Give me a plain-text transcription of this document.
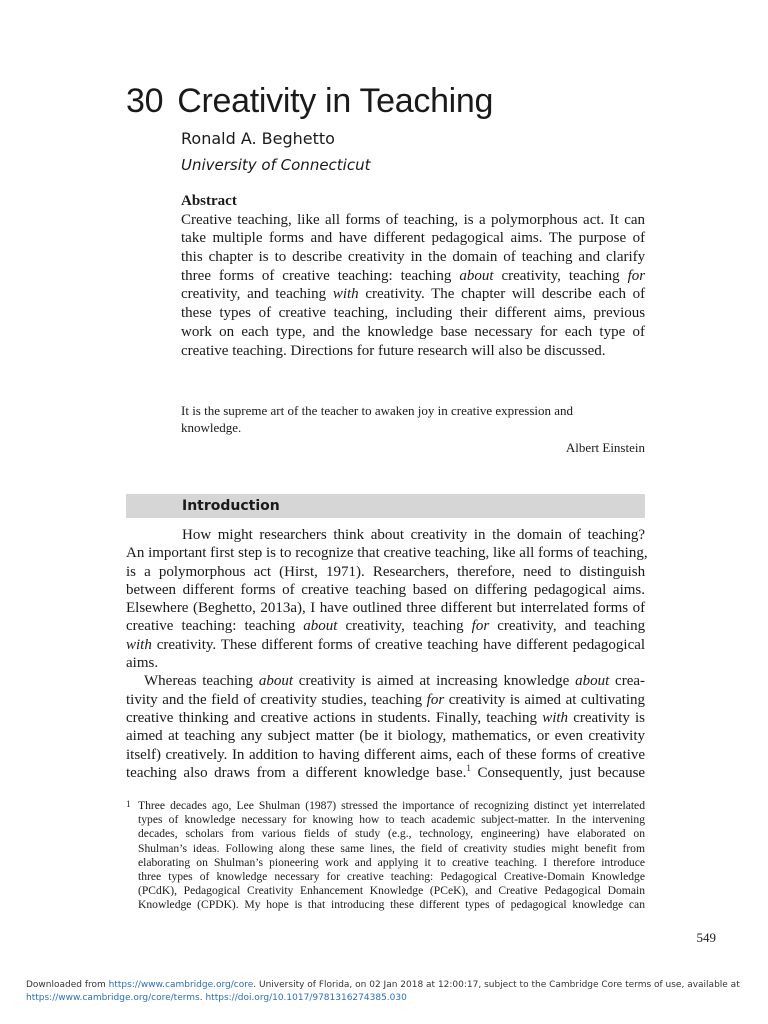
30 Creativity in Teaching
Ronald A. Beghetto
University of Connecticut

Abstract

Creative teaching, like all forms of teaching, is a polymorphous act. It can
take multiple forms and have different pedagogical aims. The purpose of
this chapter is to describe creativity in the domain of teaching and clarify
three forms of creative teaching: teaching about creativity, teaching for
creativity, and teaching with creativity. The chapter will describe each of
these types of creative teaching, including their different aims, previous
work on each type, and the knowledge base necessary for each type of
creative teaching. Directions for future research will also be discussed.
It is the supreme art of the teacher to awaken joy in creative expression and
knowledge.
Albert Einstein
Introduction
How might researchers think about creativity in the domain of teaching?
An important first step is to recognize that creative teaching, like all forms of teaching,
is a polymorphous act (Hirst, 1971). Researchers, therefore, need to distinguish
between different forms of creative teaching based on differing pedagogical aims.
Elsewhere (Beghetto, 2013a), I have outlined three different but interrelated forms of
creative teaching: teaching about creativity, teaching for creativity, and teaching
with creativity. These different forms of creative teaching have different pedagogical
aims.
Whereas teaching about creativity is aimed at increasing knowledge about crea-
tivity and the field of creativity studies, teaching for creativity is aimed at cultivating
creative thinking and creative actions in students. Finally, teaching with creativity is
aimed at teaching any subject matter (be it biology, mathematics, or even creativity
itself) creatively. In addition to having different aims, each of these forms of creative
teaching also draws from a different knowledge base.$^1$ Consequently, just because
1 Three decades ago, Lee Shulman (1987) stressed the importance of recognizing distinct yet interrelated
types of knowledge necessary for knowing how to teach academic subject-matter. In the intervening
decades, scholars from various fields of study (e.g., technology, engineering) have elaborated on
Shulman’s ideas. Following along these same lines, the field of creativity studies might benefit from
elaborating on Shulman’s pioneering work and applying it to creative teaching. I therefore introduce
three types of knowledge necessary for creative teaching: Pedagogical Creative-Domain Knowledge
(PCdK), Pedagogical Creativity Enhancement Knowledge (PCeK), and Creative Pedagogical Domain
Knowledge (CPDK). My hope is that introducing these different types of pedagogical knowledge can
549
Downloaded from https://www.cambridge.org/core. University of Florida, on 02 Jan 2018 at 12:00:17, subject to the Cambridge Core terms of use, available at
https://www.cambridge.org/core/terms. https://doi.org/10.1017/9781316274385.030
